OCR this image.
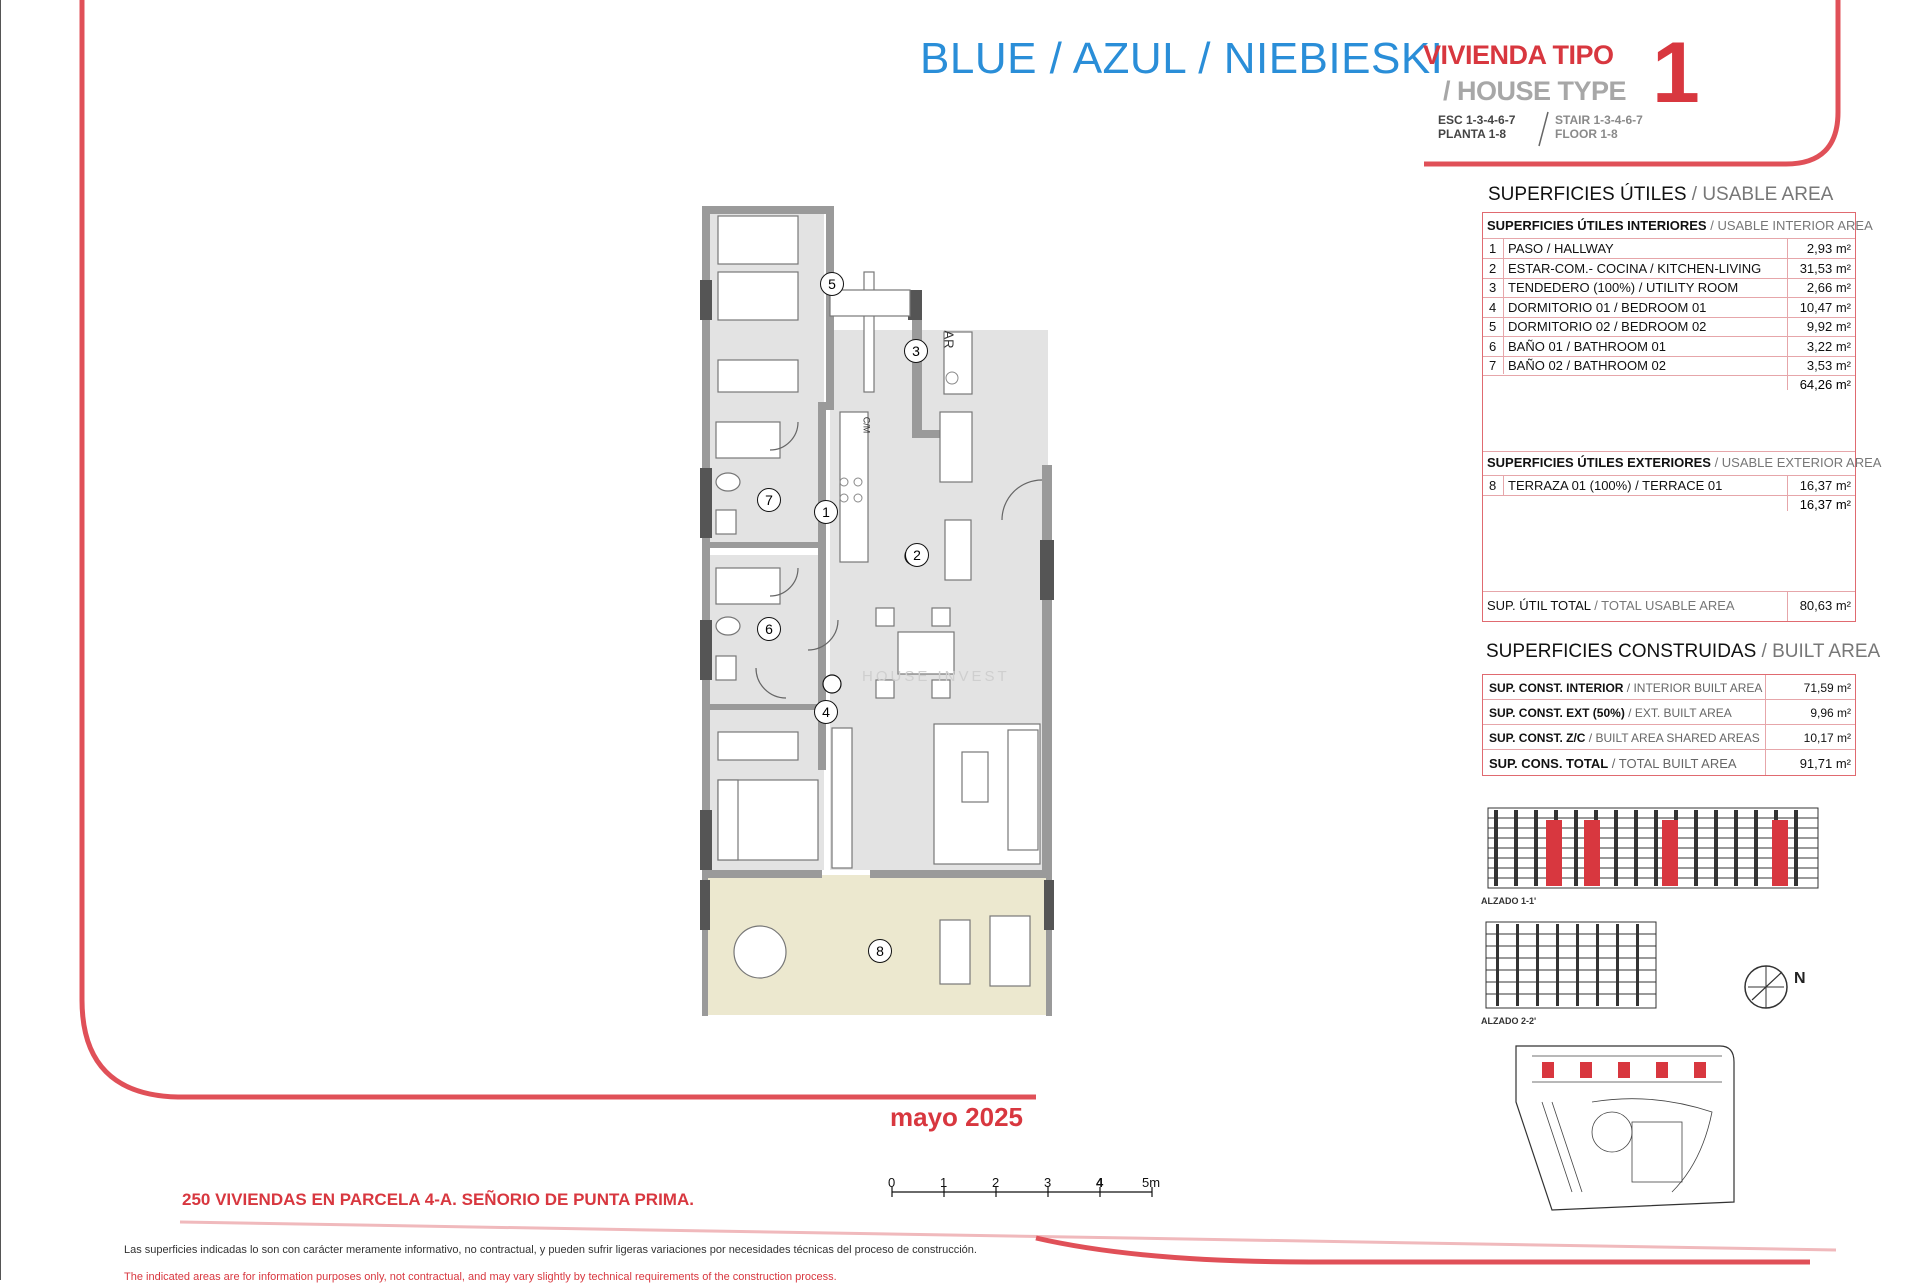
BLUE / AZUL / NIEBIESKI
VIVIENDA TIPO
/ HOUSE TYPE 1
ESC 1-3-4-6-7
PLANTA 1-8
STAIR 1-3-4-6-7
FLOOR 1-8
1
2
3
4
5
6
7
8
AR
C/M
HOUSE INVEST
SUPERFICIES ÚTILES / USABLE AREA
SUPERFICIES ÚTILES INTERIORES / USABLE INTERIOR AREA
1 PASO / HALLWAY	2,93 m²
2 ESTAR-COM.- COCINA / KITCHEN-LIVING	31,53 m²
3 TENDEDERO (100%) / UTILITY ROOM	2,66 m²
4 DORMITORIO 01 / BEDROOM 01	10,47 m²
5 DORMITORIO 02 / BEDROOM 02	9,92 m²
6 BAÑO 01 / BATHROOM 01	3,22 m²
7 BAÑO 02 / BATHROOM 02	3,53 m²
64,26 m²
SUPERFICIES ÚTILES EXTERIORES / USABLE EXTERIOR AREA
8 TERRAZA 01 (100%) / TERRACE 01	16,37 m²
16,37 m²
SUP. ÚTIL TOTAL / TOTAL USABLE AREA	80,63 m²
SUPERFICIES CONSTRUIDAS / BUILT AREA
SUP. CONST. INTERIOR / INTERIOR BUILT AREA	71,59 m²
SUP. CONST. EXT (50%) / EXT. BUILT AREA	9,96 m²
SUP. CONST. Z/C / BUILT AREA SHARED AREAS	10,17 m²
SUP. CONS. TOTAL / TOTAL BUILT AREA	91,71 m²
ALZADO 1-1'
ALZADO 2-2'
N
mayo 2025
250 VIVIENDAS EN PARCELA 4-A. SEÑORIO DE PUNTA PRIMA.
0	1	2	3	4	5m
Las superficies indicadas lo son con carácter meramente informativo, no contractual, y pueden sufrir ligeras variaciones por necesidades técnicas del proceso de construcción.
The indicated areas are for information purposes only, not contractual, and may vary slightly by technical requirements of the construction process.
